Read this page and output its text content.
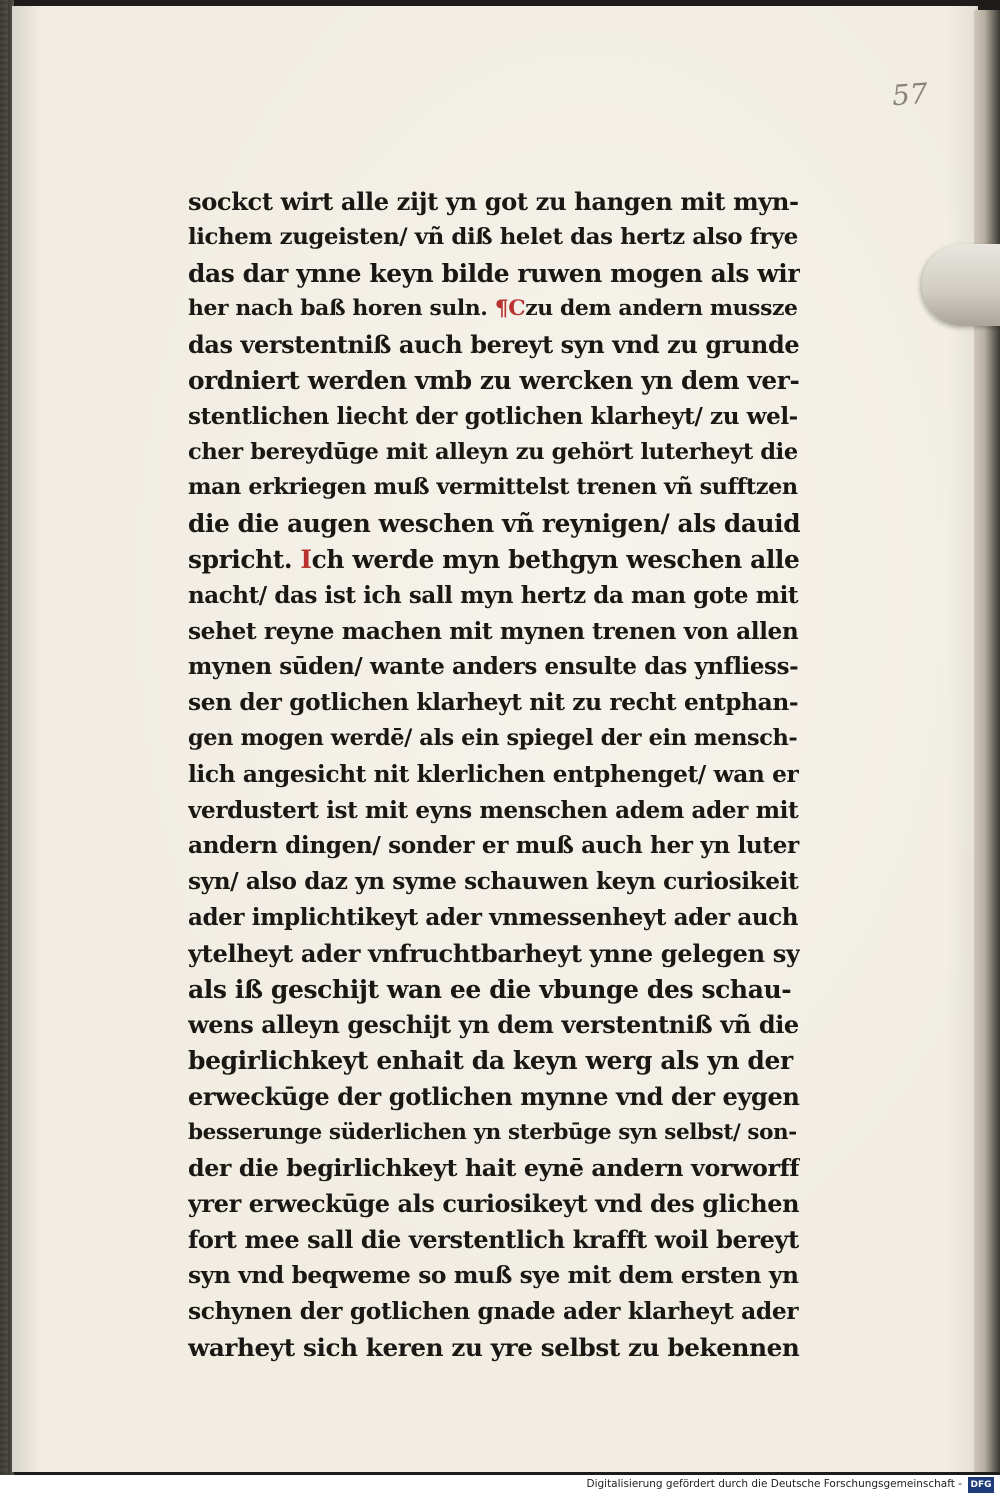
57
sockct wirt alle zijt yn got zu hangen mit myn-
lichem zugeisten/ vñ diß helet das hertz also frye
das dar ynne keyn bilde ruwen mogen als wir
her nach baß horen suln. ¶Czu dem andern mussze
das verstentniß auch bereyt syn vnd zu grunde
ordniert werden vmb zu wercken yn dem ver-
stentlichen liecht der gotlichen klarheyt/ zu wel-
cher bereydūge mit alleyn zu gehört luterheyt die
man erkriegen muß vermittelst trenen vñ sufftzen
die die augen weschen vñ reynigen/ als dauid
spricht. Ich werde myn bethgyn weschen alle
nacht/ das ist ich sall myn hertz da man gote mit
sehet reyne machen mit mynen trenen von allen
mynen sūden/ wante anders ensulte das ynfliess-
sen der gotlichen klarheyt nit zu recht entphan-
gen mogen werdē/ als ein spiegel der ein mensch-
lich angesicht nit klerlichen entphenget/ wan er
verdustert ist mit eyns menschen adem ader mit
andern dingen/ sonder er muß auch her yn luter
syn/ also daz yn syme schauwen keyn curiosikeit
ader implichtikeyt ader vnmessenheyt ader auch
ytelheyt ader vnfruchtbarheyt ynne gelegen sy
als iß geschijt wan ee die vbunge des schau-
wens alleyn geschijt yn dem verstentniß vñ die
begirlichkeyt enhait da keyn werg als yn der
erweckūge der gotlichen mynne vnd der eygen
besserunge süderlichen yn sterbūge syn selbst/ son-
der die begirlichkeyt hait eynē andern vorworff
yrer erweckūge als curiosikeyt vnd des glichen
fort mee sall die verstentlich krafft woil bereyt
syn vnd beqweme so muß sye mit dem ersten yn
schynen der gotlichen gnade ader klarheyt ader
warheyt sich keren zu yre selbst zu bekennen
Digitalisierung gefördert durch die Deutsche Forschungsgemeinschaft - DFG
